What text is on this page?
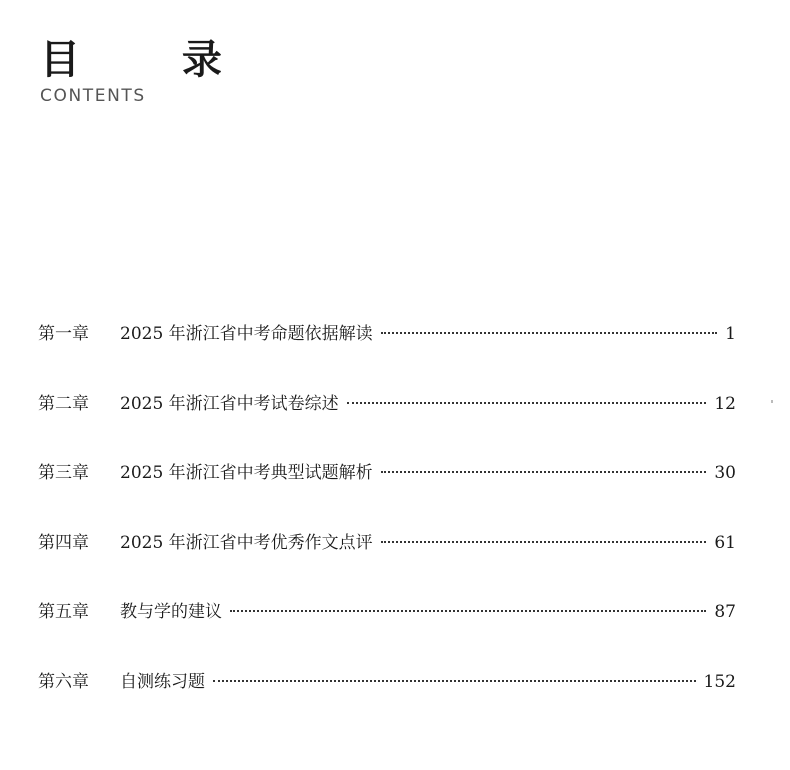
目 录
CONTENTS
第一章	2025 年浙江省中考命题依据解读	1
第二章	2025 年浙江省中考试卷综述	12
第三章	2025 年浙江省中考典型试题解析	30
第四章	2025 年浙江省中考优秀作文点评	61
第五章	教与学的建议	87
第六章	自测练习题	152
